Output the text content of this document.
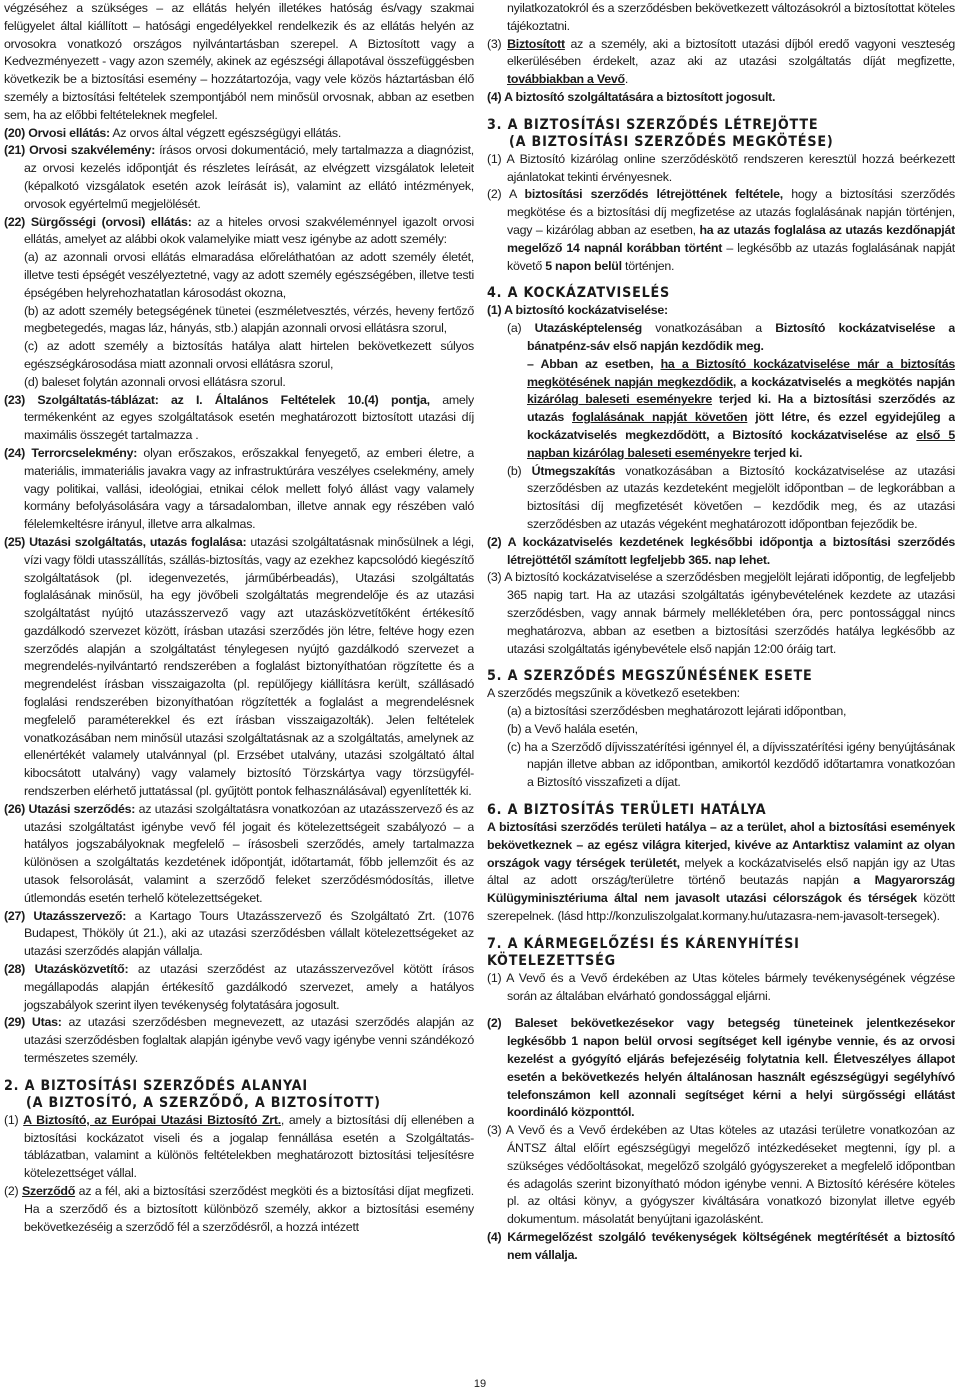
végzéséhez a szükséges – az ellátás helyén illetékes hatóság és/vagy szakmai felügyelet által kiállított – hatósági engedélyekkel rendelkezik és az ellátás helyén az orvosokra vonatkozó országos nyilvántartásban szerepel. A Biztosított vagy a Kedvezményezett - vagy azon személy, akinek az egészségi állapotával összefüggésben következik be a biztosítási esemény – hozzátartozója, vagy vele közös háztartásban élő személy a biztosítási feltételek szempontjából nem minősül orvosnak, abban az esetben sem, ha az előbbi feltételeknek megfelel.

(20) Orvosi ellátás: Az orvos által végzett egészségügyi ellátás.

(21) Orvosi szakvélemény: írásos orvosi dokumentáció, mely tartalmazza a diagnózist, az orvosi kezelés időpontját és részletes leírását, az elvégzett vizsgálatok leleteit (képalkotó vizsgálatok esetén azok leírását is), valamint az ellátó intézmények, orvosok egyértelmű megjelölését.

(22) Sürgősségi (orvosi) ellátás: az a hiteles orvosi szakvéleménnyel igazolt orvosi ellátás, amelyet az alábbi okok valamelyike miatt vesz igénybe az adott személy:

(a) az azonnali orvosi ellátás elmaradása előreláthatóan az adott személy életét, illetve testi épségét veszélyeztetné, vagy az adott személy egészségében, illetve testi épségében helyrehozhatatlan károsodást okozna,

(b) az adott személy betegségének tünetei (eszméletvesztés, vérzés, heveny fertőző megbetegedés, magas láz, hányás, stb.) alapján azonnali orvosi ellátásra szorul,

(c) az adott személy a biztosítás hatálya alatt hirtelen bekövetkezett súlyos egészségkárosodása miatt azonnali orvosi ellátásra szorul,

(d) baleset folytán azonnali orvosi ellátásra szorul.

(23) Szolgáltatás-táblázat: az I. Általános Feltételek 10.(4) pontja, amely termékenként az egyes szolgáltatások esetén meghatározott biztosított utazási díj maximális összegét tartalmazza .

(24) Terrorcselekmény: olyan erőszakos, erőszakkal fenyegető, az emberi életre, a materiális, immateriális javakra vagy az infrastruktúrára veszélyes cselekmény, amely vagy politikai, vallási, ideológiai, etnikai célok mellett folyó állást vagy valamely kormány befolyásolására vagy a társadalomban, illetve annak egy részében való félelemkeltésre irányul, illetve arra alkalmas.

(25) Utazási szolgáltatás, utazás foglalása: utazási szolgáltatásnak minősülnek a légi, vízi vagy földi utasszállítás, szállás-biztosítás, vagy az ezekhez kapcsolódó kiegészítő szolgáltatások (pl. idegenvezetés, járműbérbeadás), Utazási szolgáltatás foglalásának minősül, ha egy jövőbeli szolgáltatás megrendelője és az utazási szolgáltatást nyújtó utazásszervező vagy azt utazásközvetítőként értékesítő gazdálkodó szervezet között, írásban utazási szerződés jön létre, feltéve hogy ezen szerződés alapján a szolgáltatást ténylegesen nyújtó gazdálkodó szervezet a megrendelés-nyilvántartó rendszerében a foglalást biztonyíthatóan rögzítette és a megrendelést írásban visszaigazolta (pl. repülőjegy kiállításra került, szállásadó foglalási rendszerében bizonyíthatóan rögzítették a foglalást a megrendelésnek megfelelő paraméterekkel és ezt írásban visszaigazolták). Jelen feltételek vonatkozásában nem minősül utazási szolgáltatásnak az a szolgáltatás, amelynek az ellenértékét valamely utalvánnyal (pl. Erzsébet utalvány, utazási szolgáltató által kibocsátott utalvány) vagy valamely biztosító Törzskártya vagy törzsügyfél-rendszerben elérhető juttatással (pl. gyűjtött pontok felhasználásával) egyenlítették ki.

(26) Utazási szerződés: az utazási szolgáltatásra vonatkozóan az utazásszervező és az utazási szolgáltatást igénybe vevő fél jogait és kötelezettségeit szabályozó – a hatályos jogszabályoknak megfelelő – írásosbeli szerződés, amely tartalmazza különösen a szolgáltatás kezdetének időpontját, időtartamát, főbb jellemzőit és az utasok felsorolását, valamint a szerződő feleket szerződésmódosítás, illetve útlemondás esetén terhelő kötelezettségeket.

(27) Utazásszervező: a Kartago Tours Utazásszervező és Szolgáltató Zrt. (1076 Budapest, Thököly út 21.), aki az utazási szerződésben vállalt kötelezettségeket az utazási szerződés alapján vállalja.

(28) Utazásközvetítő: az utazási szerződést az utazásszervezővel kötött írásos megállapodás alapján értékesítő gazdálkodó szervezet, amely a hatályos jogszabályok szerint ilyen tevékenység folytatására jogosult.

(29) Utas: az utazási szerződésben megnevezett, az utazási szerződés alapján az utazási szerződésben foglaltak alapján igénybe vevő vagy igénybe venni szándékozó természetes személy.

2. A BIZTOSÍTÁSI SZERZŐDÉS ALANYAI
(A BIZTOSÍTÓ, A SZERZŐDŐ, A BIZTOSÍTOTT)

(1) A Biztosító, az Európai Utazási Biztosító Zrt., amely a biztosítási díj ellenében a biztosítási kockázatot viseli és a jogalap fennállása esetén a Szolgáltatás-táblázatban, valamint a különös feltételekben meghatározott biztosítási teljesítésre kötelezettséget vállal.

(2) Szerződő az a fél, aki a biztosítási szerződést megköti és a biztosítási díjat megfizeti. Ha a szerződő és a biztosított különböző személy, akkor a biztosítási esemény bekövetkezéséig a szerződő fél a szerződésről, a hozzá intézett

nyilatkozatokról és a szerződésben bekövetkezett változásokról a biztosítottat köteles tájékoztatni.

(3) Biztosított az a személy, aki a biztosított utazási díjból eredő vagyoni veszteség elkerülésében érdekelt, azaz aki az utazási szolgáltatás díját megfizette, továbbiakban a Vevő.

(4) A biztosító szolgáltatására a biztosított jogosult.

3. A BIZTOSÍTÁSI SZERZŐDÉS LÉTREJÖTTE
(A BIZTOSÍTÁSI SZERZŐDÉS MEGKÖTÉSE)

(1) A Biztosító kizárólag online szerződéskötő rendszeren keresztül hozzá beérkezett ajánlatokat tekinti érvényesnek.

(2) A biztosítási szerződés létrejöttének feltétele, hogy a biztosítási szerződés megkötése és a biztosítási díj megfizetése az utazás foglalásának napján történjen, vagy – kizárólag abban az esetben, ha az utazás foglalása az utazás kezdőnapját megelőző 14 napnál korábban történt – legkésőbb az utazás foglalásának napját követő 5 napon belül történjen.

4. A KOCKÁZATVISELÉS

(1) A biztosító kockázatviselése:

(a) Utazásképtelenség vonatkozásában a Biztosító kockázatviselése a bánatpénz-sáv első napján kezdődik meg.

– Abban az esetben, ha a Biztosító kockázatviselése már a biztosítás megkötésének napján megkezdődik, a kockázatviselés a megkötés napján kizárólag baleseti eseményekre terjed ki. Ha a biztosítási szerződés az utazás foglalásának napját követően jött létre, és ezzel egyidejűleg a kockázatviselés megkezdődött, a Biztosító kockázatviselése az első 5 napban kizárólag baleseti eseményekre terjed ki.

(b) Útmegszakítás vonatkozásában a Biztosító kockázatviselése az utazási szerződésben az utazás kezdeteként megjelölt időpontban – de legkorábban a biztosítási díj megfizetését követően – kezdődik meg, és az utazási szerződésben az utazás végeként meghatározott időpontban fejeződik be.

(2) A kockázatviselés kezdetének legkésőbbi időpontja a biztosítási szerződés létrejöttétől számított legfeljebb 365. nap lehet.

(3) A biztosító kockázatviselése a szerződésben megjelölt lejárati időpontig, de legfeljebb 365 napig tart. Ha az utazási szolgáltatás igénybevételének kezdete az utazási szerződésben, vagy annak bármely mellékletében óra, perc pontossággal nincs meghatározva, abban az esetben a biztosítási szerződés hatálya legkésőbb az utazási szolgáltatás igénybevétele első napján 12:00 óráig tart.

5. A SZERZŐDÉS MEGSZŰNÉSÉNEK ESETE

A szerződés megszűnik a következő esetekben:

(a) a biztosítási szerződésben meghatározott lejárati időpontban,

(b) a Vevő halála esetén,

(c) ha a Szerződő díjvisszatérítési igénnyel él, a díjvisszatérítési igény benyújtásának napján illetve abban az időpontban, amikortól kezdődő időtartamra vonatkozóan a Biztosító visszafizeti a díjat.

6. A BIZTOSÍTÁS TERÜLETI HATÁLYA

A biztosítási szerződés területi hatálya – az a terület, ahol a biztosítási események bekövetkeznek – az egész világra kiterjed, kivéve az Antarktisz valamint az olyan országok vagy térségek területét, melyek a kockázatviselés első napján igy az Utas által az adott ország/területre történő beutazás napján a Magyarország Külügyminisztériuma által nem javasolt utazási célországok és térségek között szerepelnek. (lásd http://konzuliszolgalat.kormany.hu/utazasra-nem-javasolt-tersegek).

7. A KÁRMEGELŐZÉSI ÉS KÁRENYHÍTÉSI
KÖTELEZETTSÉG

(1) A Vevő és a Vevő érdekében az Utas köteles bármely tevékenységének végzése során az általában elvárható gondossággal eljárni.

(2) Baleset bekövetkezésekor vagy betegség tüneteinek jelentkezésekor legkésőbb 1 napon belül orvosi segítséget kell igénybe vennie, és az orvosi kezelést a gyógyító eljárás befejezéséig folytatnia kell. Életveszélyes állapot esetén a bekövetkezés helyén általánosan használt egészségügyi segélyhívó telefonszámon kell azonnali segítséget kérni a helyi sürgősségi ellátást koordináló központtól.

(3) A Vevő és a Vevő érdekében az Utas köteles az utazási területre vonatkozóan az ÁNTSZ által előírt egészségügyi megelőző intézkedéseket megtenni, így pl. a szükséges védőoltásokat, megelőző szolgáló gyógyszereket a megfelelő időpontban és adagolás szerint bizonyítható módon igénybe venni. A Biztosító kérésére köteles pl. az oltási könyv, a gyógyszer kiváltására vonatkozó bizonylat illetve egyéb dokumentum. másolatát benyújtani igazolásként.

(4) Kármegelőzést szolgáló tevékenységek költségének megtérítését a biztosító nem vállalja.

19
